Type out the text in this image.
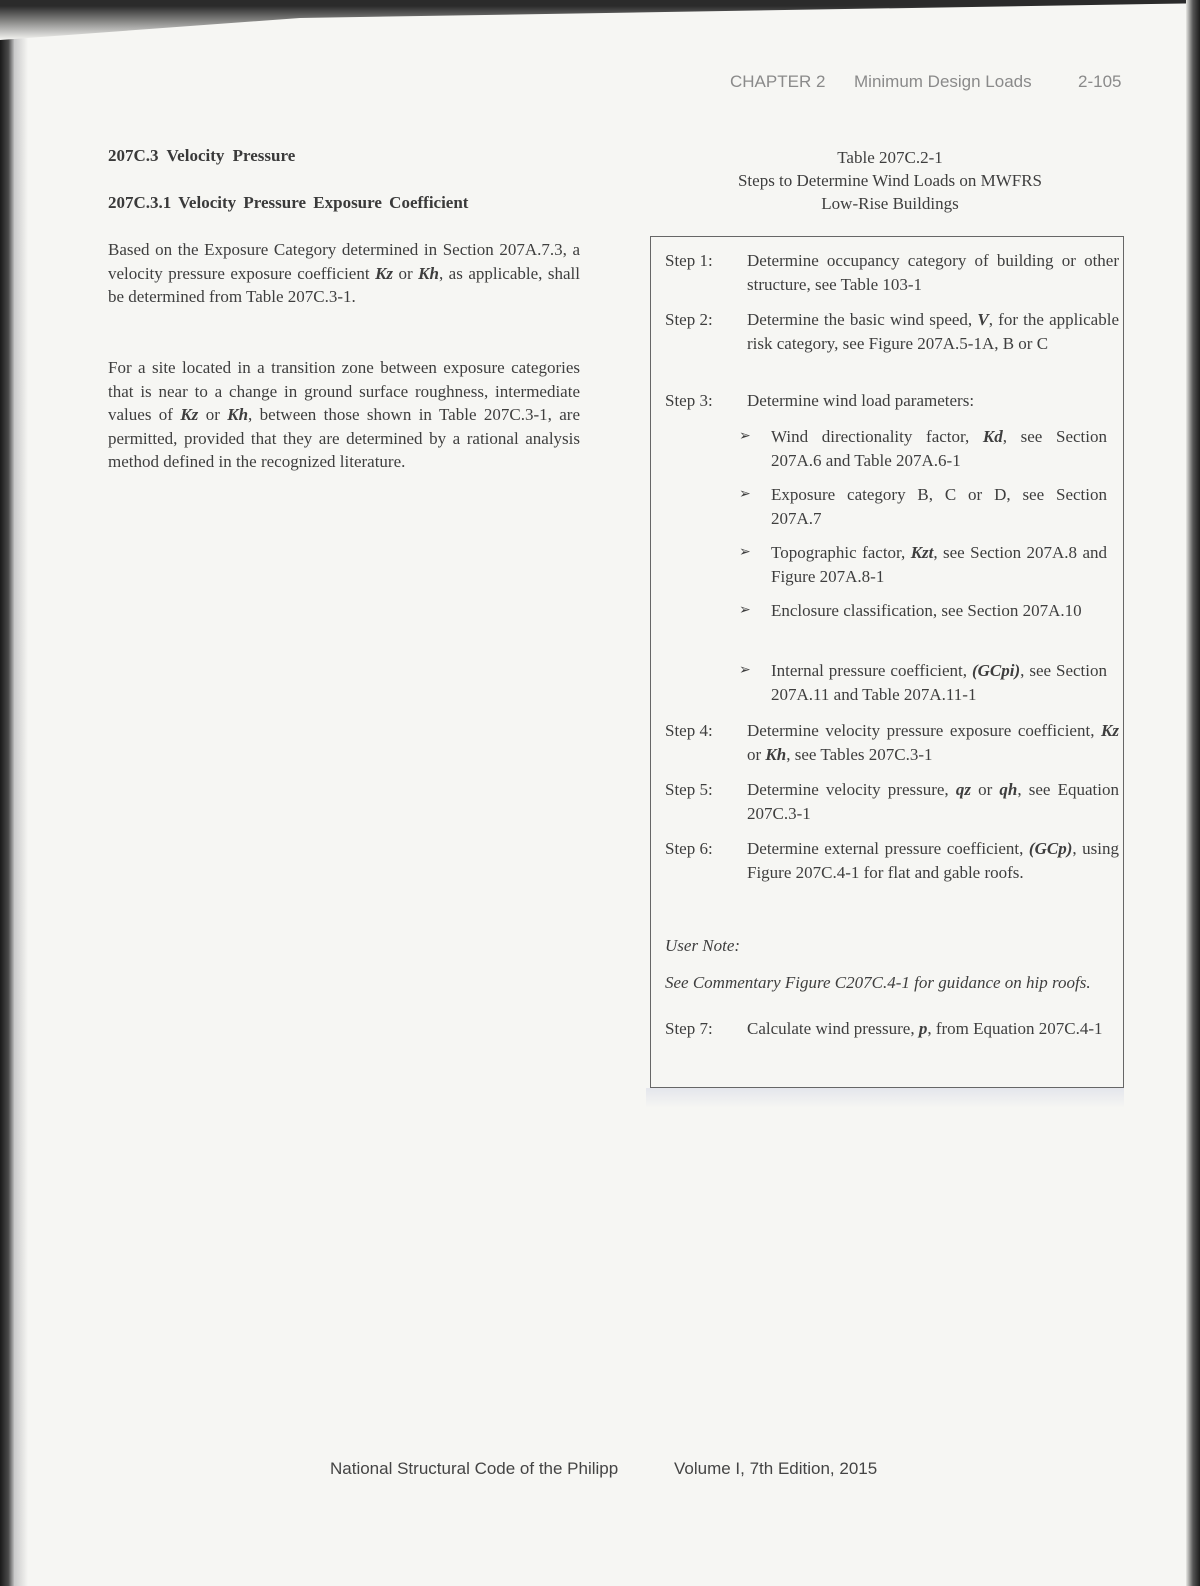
CHAPTER 2 Minimum Design Loads	2-105
207C.3 Velocity Pressure
207C.3.1 Velocity Pressure Exposure Coefficient

Based on the Exposure Category determined in Section 207A.7.3, a velocity pressure exposure coefficient Kz or Kh, as applicable, shall be determined from Table 207C.3-1.

For a site located in a transition zone between exposure categories that is near to a change in ground surface roughness, intermediate values of Kz or Kh, between those shown in Table 207C.3-1, are permitted, provided that they are determined by a rational analysis method defined in the recognized literature.

Table 207C.2-1
Steps to Determine Wind Loads on MWFRS
Low-Rise Buildings
Step 1: Determine occupancy category of building or other structure, see Table 103-1
Step 2: Determine the basic wind speed, V, for the applicable risk category, see Figure 207A.5-1A, B or C
Step 3: Determine wind load parameters:
➢ Wind directionality factor, Kd, see Section 207A.6 and Table 207A.6-1
➢ Exposure category B, C or D, see Section 207A.7
➢ Topographic factor, Kzt, see Section 207A.8 and Figure 207A.8-1
➢ Enclosure classification, see Section 207A.10
➢ Internal pressure coefficient, (GCpi), see Section 207A.11 and Table 207A.11-1
Step 4: Determine velocity pressure exposure coefficient, Kz or Kh, see Tables 207C.3-1
Step 5: Determine velocity pressure, qz or qh, see Equation 207C.3-1
Step 6: Determine external pressure coefficient, (GCp), using Figure 207C.4-1 for flat and gable roofs.
User Note:
See Commentary Figure C207C.4-1 for guidance on hip roofs.
Step 7: Calculate wind pressure, p, from Equation 207C.4-1
National Structural Code of the Philipp	Volume I, 7th Edition, 2015
